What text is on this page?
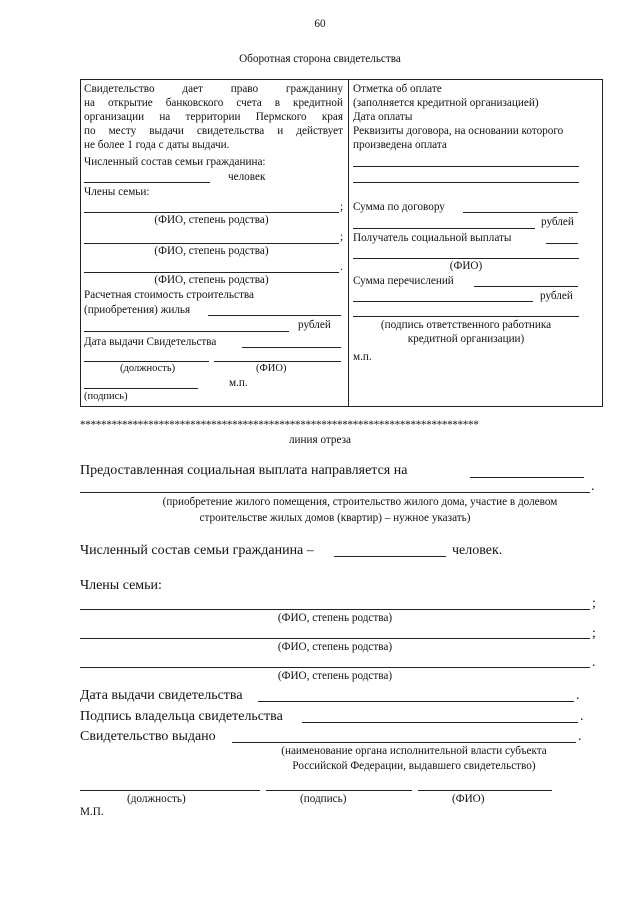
60
Оборотная сторона свидетельства
Свидетельство дает право гражданину
на открытие банковского счета в кредитной
организации на территории Пермского края
по месту выдачи свидетельства и действует
не более 1 года с даты выдачи.
Численный состав семьи гражданина:
человек
Члены семьи:
;
(ФИО, степень родства)
;
(ФИО, степень родства)
.
(ФИО, степень родства)
Расчетная стоимость строительства
(приобретения) жилья
рублей
Дата выдачи Свидетельства
(должность)	(ФИО)
м.п.
(подпись)
Отметка об оплате
(заполняется кредитной организацией)
Дата оплаты
Реквизиты договора, на основании которого
произведена оплата
Сумма по договору
рублей
Получатель социальной выплаты
(ФИО)
Сумма перечислений
рублей
(подпись ответственного работника
кредитной организации)
м.п.
****************************************************************************
линия отреза
Предоставленная социальная выплата направляется на
.
(приобретение жилого помещения, строительство жилого дома, участие в долевом
строительстве жилых домов (квартир) – нужное указать)
Численный состав семьи гражданина –	человек.
Члены семьи:
;
(ФИО, степень родства)
;
(ФИО, степень родства)
.
(ФИО, степень родства)
Дата выдачи свидетельства	.
Подпись владельца свидетельства	.
Свидетельство выдано	.
(наименование органа исполнительной власти субъекта
Российской Федерации, выдавшего свидетельство)
(должность)	(подпись)	(ФИО)
М.П.
